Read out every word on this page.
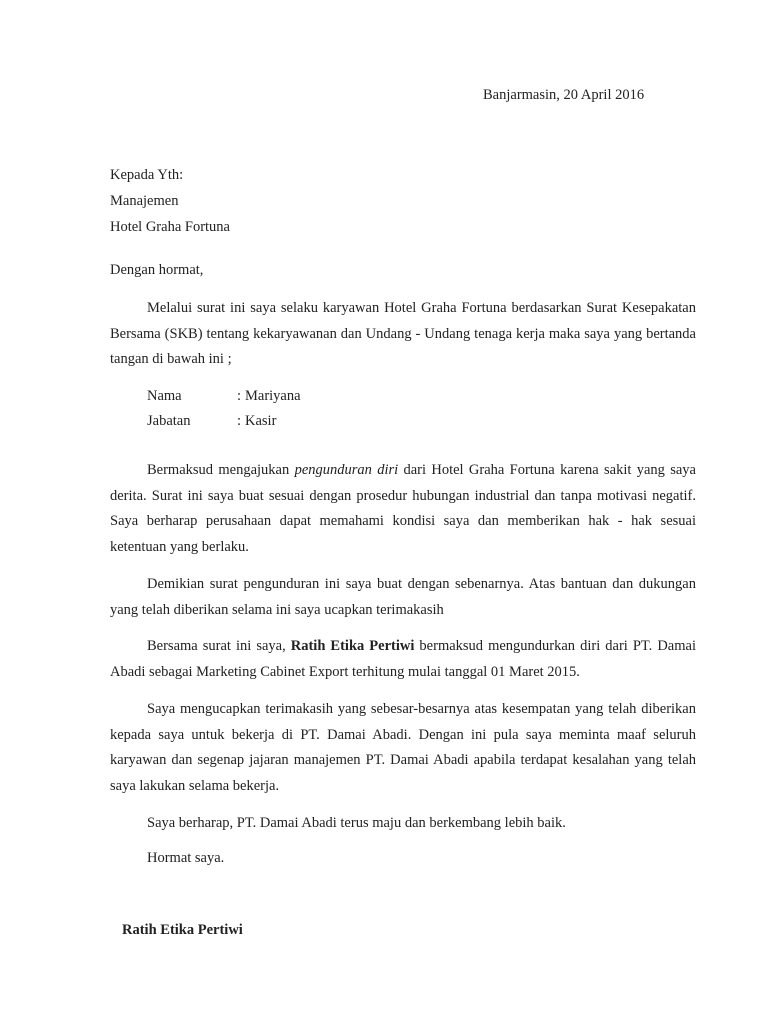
Banjarmasin, 20 April 2016
Kepada Yth:
Manajemen
Hotel Graha Fortuna
Dengan hormat,
Melalui surat ini saya selaku karyawan Hotel Graha Fortuna berdasarkan Surat Kesepakatan Bersama (SKB) tentang kekaryawanan dan Undang - Undang tenaga kerja maka saya yang bertanda tangan di bawah ini ;
Nama	: Mariyana
Jabatan	: Kasir
Bermaksud mengajukan pengunduran diri dari Hotel Graha Fortuna karena sakit yang saya derita. Surat ini saya buat sesuai dengan prosedur hubungan industrial dan tanpa motivasi negatif. Saya berharap perusahaan dapat memahami kondisi saya dan memberikan hak - hak sesuai ketentuan yang berlaku.
Demikian surat pengunduran ini saya buat dengan sebenarnya. Atas bantuan dan dukungan yang telah diberikan selama ini saya ucapkan terimakasih
Bersama surat ini saya, Ratih Etika Pertiwi bermaksud mengundurkan diri dari PT. Damai Abadi sebagai Marketing Cabinet Export terhitung mulai tanggal 01 Maret 2015.
Saya mengucapkan terimakasih yang sebesar-besarnya atas kesempatan yang telah diberikan kepada saya untuk bekerja di PT. Damai Abadi. Dengan ini pula saya meminta maaf seluruh karyawan dan segenap jajaran manajemen PT. Damai Abadi apabila terdapat kesalahan yang telah saya lakukan selama bekerja.
Saya berharap, PT. Damai Abadi terus maju dan berkembang lebih baik.
Hormat saya.
Ratih Etika Pertiwi
